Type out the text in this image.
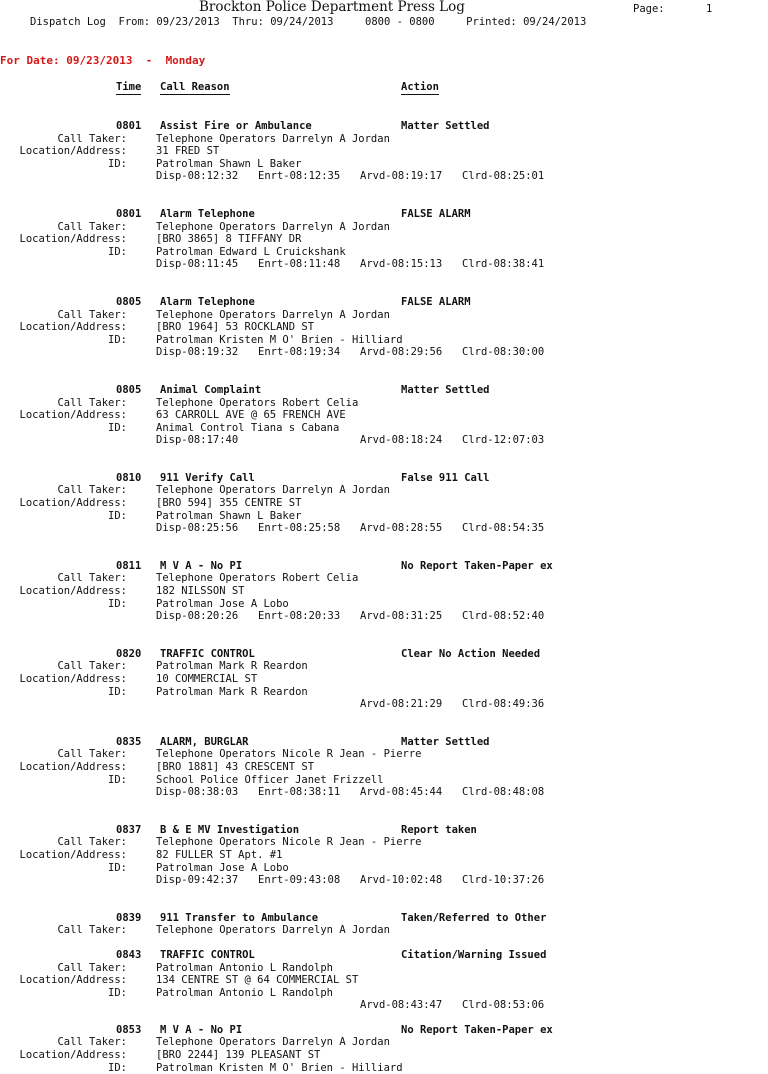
Brockton Police Department Press Log	Page:	1
Dispatch Log  From: 09/23/2013  Thru: 09/24/2013     0800 - 0800     Printed: 09/24/2013
For Date: 09/23/2013  -  Monday
Time Call Reason	Action
0801 Assist Fire or Ambulance	Matter Settled
Call Taker:	Telephone Operators Darrelyn A Jordan
Location/Address:	31 FRED ST
ID:	Patrolman Shawn L Baker
Disp-08:12:32 Enrt-08:12:35 Arvd-08:19:17 Clrd-08:25:01
0801 Alarm Telephone	FALSE ALARM
Call Taker:	Telephone Operators Darrelyn A Jordan
Location/Address:	[BRO 3865] 8 TIFFANY DR
ID:	Patrolman Edward L Cruickshank
Disp-08:11:45 Enrt-08:11:48 Arvd-08:15:13 Clrd-08:38:41
0805 Alarm Telephone	FALSE ALARM
Call Taker:	Telephone Operators Darrelyn A Jordan
Location/Address:	[BRO 1964] 53 ROCKLAND ST
ID:	Patrolman Kristen M O' Brien - Hilliard
Disp-08:19:32 Enrt-08:19:34 Arvd-08:29:56 Clrd-08:30:00
0805 Animal Complaint	Matter Settled
Call Taker:	Telephone Operators Robert Celia
Location/Address:	63 CARROLL AVE @ 65 FRENCH AVE
ID:	Animal Control Tiana s Cabana
Disp-08:17:40	Arvd-08:18:24 Clrd-12:07:03
0810 911 Verify Call	False 911 Call
Call Taker:	Telephone Operators Darrelyn A Jordan
Location/Address:	[BRO 594] 355 CENTRE ST
ID:	Patrolman Shawn L Baker
Disp-08:25:56 Enrt-08:25:58 Arvd-08:28:55 Clrd-08:54:35
0811 M V A - No PI	No Report Taken-Paper ex
Call Taker:	Telephone Operators Robert Celia
Location/Address:	182 NILSSON ST
ID:	Patrolman Jose A Lobo
Disp-08:20:26 Enrt-08:20:33 Arvd-08:31:25 Clrd-08:52:40
0820 TRAFFIC CONTROL	Clear No Action Needed
Call Taker:	Patrolman Mark R Reardon
Location/Address:	10 COMMERCIAL ST
ID:	Patrolman Mark R Reardon
Arvd-08:21:29 Clrd-08:49:36
0835 ALARM, BURGLAR	Matter Settled
Call Taker:	Telephone Operators Nicole R Jean - Pierre
Location/Address:	[BRO 1881] 43 CRESCENT ST
ID:	School Police Officer Janet Frizzell
Disp-08:38:03 Enrt-08:38:11 Arvd-08:45:44 Clrd-08:48:08
0837 B & E MV Investigation	Report taken
Call Taker:	Telephone Operators Nicole R Jean - Pierre
Location/Address:	82 FULLER ST Apt. #1
ID:	Patrolman Jose A Lobo
Disp-09:42:37 Enrt-09:43:08 Arvd-10:02:48 Clrd-10:37:26
0839 911 Transfer to Ambulance	Taken/Referred to Other
Call Taker:	Telephone Operators Darrelyn A Jordan
0843 TRAFFIC CONTROL	Citation/Warning Issued
Call Taker:	Patrolman Antonio L Randolph
Location/Address:	134 CENTRE ST @ 64 COMMERCIAL ST
ID:	Patrolman Antonio L Randolph
Arvd-08:43:47 Clrd-08:53:06
0853 M V A - No PI	No Report Taken-Paper ex
Call Taker:	Telephone Operators Darrelyn A Jordan
Location/Address:	[BRO 2244] 139 PLEASANT ST
ID:	Patrolman Kristen M O' Brien - Hilliard
